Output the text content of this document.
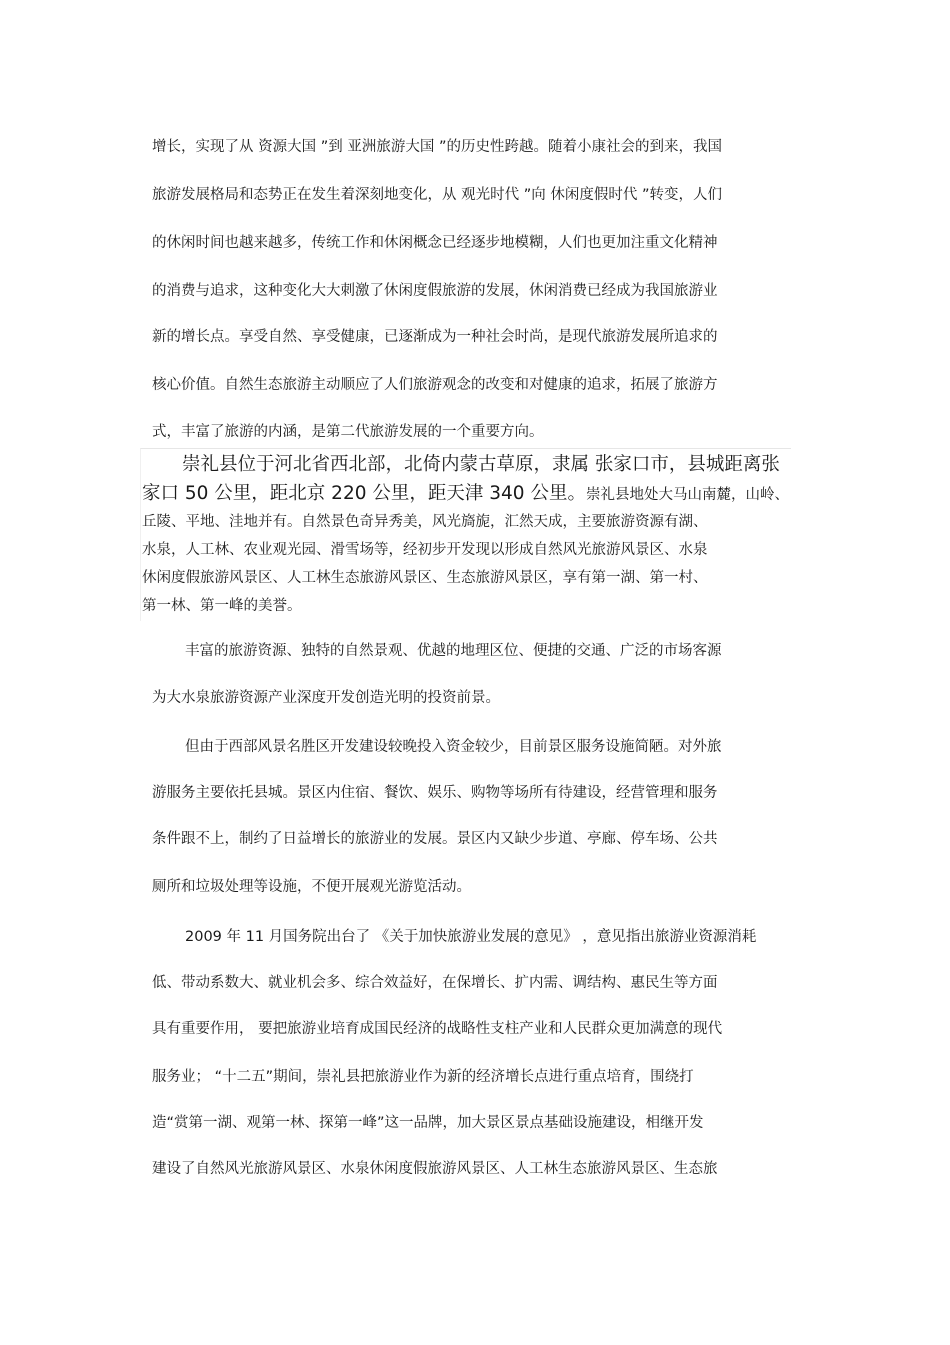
增长，实现了从 资源大国 ”到 亚洲旅游大国 ”的历史性跨越。随着小康社会的到来，我国
旅游发展格局和态势正在发生着深刻地变化，从 观光时代 ”向 休闲度假时代 ”转变，人们
的休闲时间也越来越多，传统工作和休闲概念已经逐步地模糊，人们也更加注重文化精神
的消费与追求，这种变化大大刺激了休闲度假旅游的发展，休闲消费已经成为我国旅游业
新的增长点。享受自然、享受健康，已逐渐成为一种社会时尚，是现代旅游发展所追求的
核心价值。自然生态旅游主动顺应了人们旅游观念的改变和对健康的追求，拓展了旅游方
式，丰富了旅游的内涵，是第二代旅游发展的一个重要方向。
崇礼县位于河北省西北部，北倚内蒙古草原，隶属 张家口市，县城距离张
家口 50 公里，距北京 220 公里，距天津 340 公里。崇礼县地处大马山南麓，山岭、
丘陵、平地、洼地并有。自然景色奇异秀美，风光旖旎，汇然天成，主要旅游资源有湖、
水泉，人工林、农业观光园、滑雪场等，经初步开发现以形成自然风光旅游风景区、水泉
休闲度假旅游风景区、人工林生态旅游风景区、生态旅游风景区，享有第一湖、第一村、
第一林、第一峰的美誉。
丰富的旅游资源、独特的自然景观、优越的地理区位、便捷的交通、广泛的市场客源
为大水泉旅游资源产业深度开发创造光明的投资前景。
但由于西部风景名胜区开发建设较晚投入资金较少，目前景区服务设施简陋。对外旅
游服务主要依托县城。景区内住宿、餐饮、娱乐、购物等场所有待建设，经营管理和服务
条件跟不上，制约了日益增长的旅游业的发展。景区内又缺少步道、亭廊、停车场、公共
厕所和垃圾处理等设施，不便开展观光游览活动。
2009 年 11 月国务院出台了 《关于加快旅游业发展的意见》 ，意见指出旅游业资源消耗
低、带动系数大、就业机会多、综合效益好，在保增长、扩内需、调结构、惠民生等方面
具有重要作用， 要把旅游业培育成国民经济的战略性支柱产业和人民群众更加满意的现代
服务业； “十二五”期间，崇礼县把旅游业作为新的经济增长点进行重点培育，围绕打
造“赏第一湖、观第一林、探第一峰”这一品牌，加大景区景点基础设施建设，相继开发
建设了自然风光旅游风景区、水泉休闲度假旅游风景区、人工林生态旅游风景区、生态旅
